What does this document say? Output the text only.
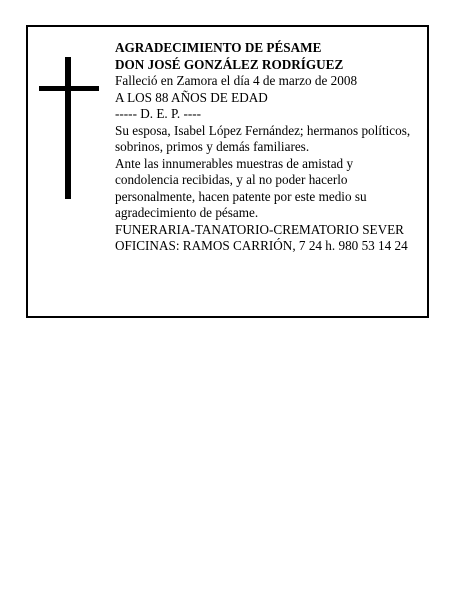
AGRADECIMIENTO DE PÉSAME
DON JOSÉ GONZÁLEZ RODRÍGUEZ
Falleció en Zamora el día 4 de marzo de 2008
A LOS 88 AÑOS DE EDAD
----- D. E. P. ----
Su esposa, Isabel López Fernández; hermanos políticos,
sobrinos, primos y demás familiares.
Ante las innumerables muestras de amistad y
condolencia recibidas, y al no poder hacerlo
personalmente, hacen patente por este medio su
agradecimiento de pésame.
FUNERARIA-TANATORIO-CREMATORIO SEVER
OFICINAS: RAMOS CARRIÓN, 7 24 h. 980 53 14 24
